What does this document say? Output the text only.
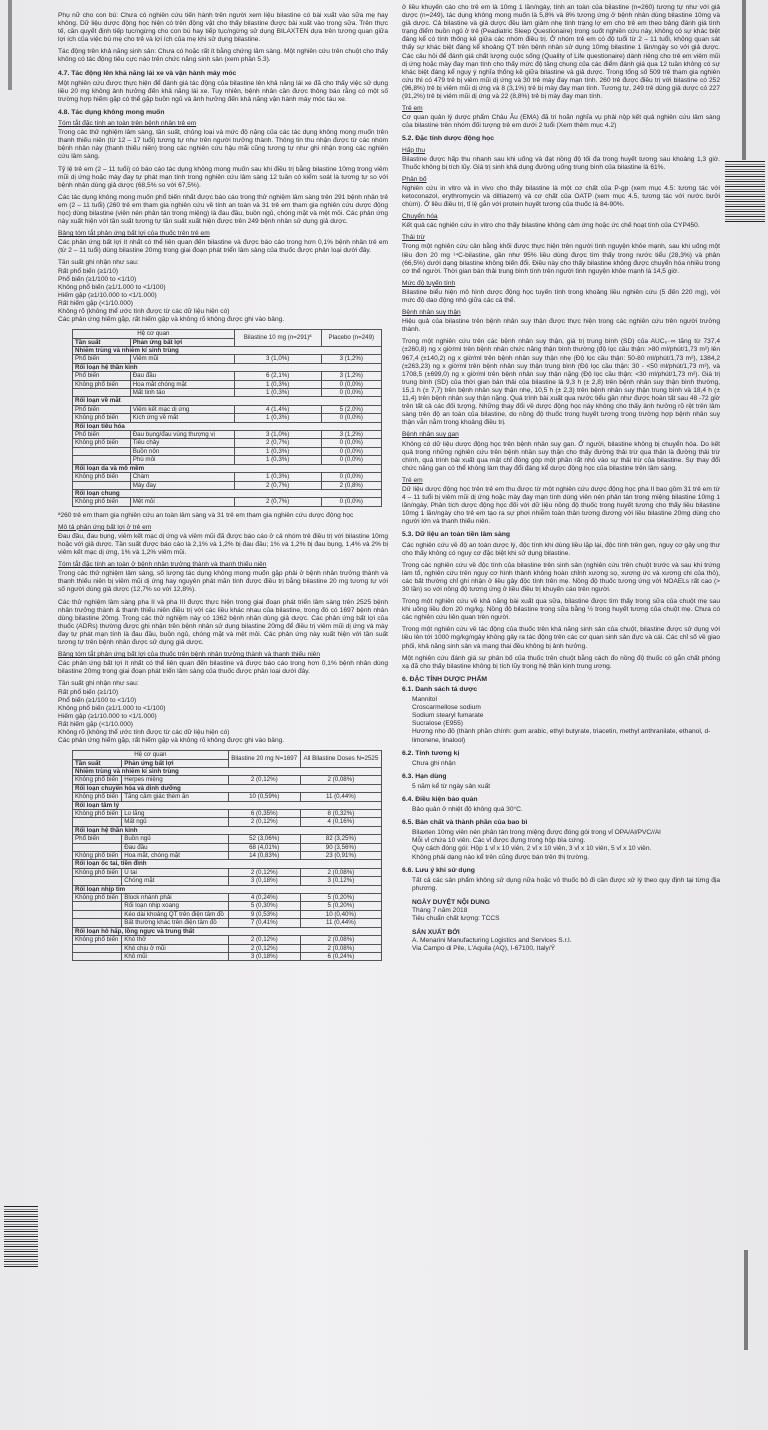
Phụ nữ cho con bú: Chưa có nghiên cứu tiến hành trên người xem liệu bilastine có bài xuất vào sữa mẹ hay không. Dữ liệu dược động học hiện có trên động vật cho thấy bilastine được bài xuất vào trong sữa. Trên thực tế, cần quyết định tiếp tục/ngừng cho con bú hay tiếp tục/ngừng sử dụng BILAXTEN dựa trên tương quan giữa lợi ích của việc bú mẹ cho trẻ và lợi ích của mẹ khi sử dụng bilastine.

Tác động trên khả năng sinh sản: Chưa có hoặc rất ít bằng chứng lâm sàng. Một nghiên cứu trên chuột cho thấy không có tác động tiêu cực nào trên chức năng sinh sản (xem phần 5.3).

4.7. Tác động lên khả năng lái xe và vận hành máy móc

Một nghiên cứu được thực hiện để đánh giá tác động của bilastine lên khả năng lái xe đã cho thấy việc sử dụng liều 20 mg không ảnh hưởng đến khả năng lái xe. Tuy nhiên, bệnh nhân cần được thông báo rằng có một số trường hợp hiếm gặp có thể gặp buồn ngủ và ảnh hưởng đến khả năng vận hành máy móc tàu xe.

4.8. Tác dụng không mong muốn
Tóm tắt đặc tính an toàn trên bệnh nhân trẻ em

Trong các thử nghiệm lâm sàng, tần suất, chủng loại và mức độ nặng của các tác dụng không mong muốn trên thanh thiếu niên (từ 12 – 17 tuổi) tương tự như trên người trưởng thành. Thông tin thu nhận được từ các nhóm bệnh nhân này (thanh thiếu niên) trong các nghiên cứu hậu mãi cũng tương tự như ghi nhận trong các nghiên cứu lâm sàng.

Tỷ lệ trẻ em (2 – 11 tuổi) có báo cáo tác dụng không mong muốn sau khi điều trị bằng bilastine 10mg trong viêm mũi dị ứng hoặc mày đay tự phát mạn tính trong nghiên cứu lâm sàng 12 tuần có kiểm soát là tương tự so với bệnh nhân dùng giả dược (68,5% so với 67,5%).

Các tác dụng không mong muốn phổ biến nhất được báo cáo trong thử nghiệm lâm sàng trên 291 bệnh nhân trẻ em (2 – 11 tuổi) (260 trẻ em tham gia nghiên cứu về tính an toàn và 31 trẻ em tham gia nghiên cứu dược động học) dùng bilastine (viên nén phân tán trong miệng) là đau đầu, buồn ngủ, chóng mặt và mệt mỏi. Các phản ứng này xuất hiện với tần suất tương tự tần suất xuất hiện được trên 249 bệnh nhân sử dụng giả dược.

Bảng tóm tắt phản ứng bất lợi của thuốc trên trẻ em

Các phản ứng bất lợi ít nhất có thể liên quan đến bilastine và được báo cáo trong hơn 0,1% bệnh nhân trẻ em (từ 2 – 11 tuổi) dùng bilastine 20mg trong giai đoạn phát triển lâm sàng của thuốc được phân loại dưới đây.

Tần suất ghi nhận như sau:
Rất phổ biến (≥1/10)
Phổ biến (≥1/100 to <1/10)
Không phổ biến (≥1/1.000 to <1/100)
Hiếm gặp (≥1/10.000 to <1/1.000)
Rất hiếm gặp (<1/10.000)
Không rõ (không thể ước tính được từ các dữ liệu hiện có)
Các phản ứng hiếm gặp, rất hiếm gặp và không rõ không được ghi vào bảng.
Hệ cơ quan		Bilastine 10 mg (n=291)ª	Placebo (n=249)
Tần suất	Phản ứng bất lợi		
Nhiễm trùng và nhiễm kí sinh trùng			
Phổ biến	Viêm mũi	3 (1,0%)	3 (1,2%)
Rối loạn hệ thần kinh			
Phổ biến	Đau đầu	6 (2,1%)	3 (1,2%)
Không phổ biến	Hoa mắt chóng mặt	1 (0,3%)	0 (0,0%)
	Mất tinh táo	1 (0,3%)	0 (0,0%)
Rối loạn về mắt			
Phổ biến	Viêm kết mạc dị ứng	4 (1,4%)	5 (2,0%)
Không phổ biến	Kích ứng về mắt	1 (0,3%)	0 (0,0%)
Rối loạn tiêu hóa			
Phổ biến	Đau bụng/đau vùng thượng vị	3 (1,0%)	3 (1,2%)
Không phổ biến	Tiêu chảy	2 (0,7%)	0 (0,0%)
	Buồn nôn	1 (0,3%)	0 (0,0%)
	Phù môi	1 (0,3%)	0 (0,0%)
Rối loạn da và mô mềm			
Không phổ biến	Chàm	1 (0,3%)	0 (0,0%)
	Mày đay	2 (0,7%)	2 (0,8%)
Rối loạn chung			
Không phổ biến	Mệt mỏi	2 (0,7%)	0 (0,0%)

ª260 trẻ em tham gia nghiên cứu an toàn lâm sàng và 31 trẻ em tham gia nghiên cứu dược động học

Mô tả phản ứng bất lợi ở trẻ em

Đau đầu, đau bụng, viêm kết mạc dị ứng và viêm mũi đã được báo cáo ở cả nhóm trẻ điều trị với bilastine 10mg hoặc với giả dược. Tần suất được báo cáo là 2,1% và 1,2% bị đau đầu; 1% và 1,2% bị đau bụng, 1,4% và 2% bị viêm kết mạc dị ứng, 1% và 1,2% viêm mũi.

Tóm tắt đặc tính an toàn ở bệnh nhân trưởng thành và thanh thiếu niên

Trong các thử nghiệm lâm sàng, số lượng tác dụng không mong muốn gặp phải ở bệnh nhân trưởng thành và thanh thiếu niên bị viêm mũi dị ứng hay nguyên phát mãn tính được điều trị bằng bilastine 20 mg tương tự với số người dùng giả dược (12,7% so với 12,8%).

Các thử nghiệm lâm sàng pha II và pha III được thực hiện trong giai đoạn phát triển lâm sàng trên 2525 bệnh nhân trưởng thành & thanh thiếu niên điều trị với các liều khác nhau của bilastine, trong đó có 1697 bệnh nhân dùng bilastine 20mg. Trong các thử nghiệm này có 1362 bệnh nhân dùng giả dược. Các phản ứng bất lợi của thuốc (ADRs) thường được ghi nhận trên bệnh nhân sử dụng bilastine 20mg để điều trị viêm mũi dị ứng và mày đay tự phát mạn tính là đau đầu, buồn ngủ, chóng mặt và mệt mỏi. Các phản ứng này xuất hiện với tần suất tương tự trên bệnh nhân được sử dụng giả dược.

Bảng tóm tắt phản ứng bất lợi của thuốc trên bệnh nhân trưởng thành và thanh thiếu niên

Các phản ứng bất lợi ít nhất có thể liên quan đến bilastine và được báo cáo trong hơn 0,1% bệnh nhân dùng bilastine 20mg trong giai đoạn phát triển lâm sàng của thuốc được phân loại dưới đây.

Tần suất ghi nhận như sau:
Rất phổ biến (≥1/10)
Phổ biến (≥1/100 to <1/10)
Không phổ biến (≥1/1.000 to <1/100)
Hiếm gặp (≥1/10.000 to <1/1.000)
Rất hiếm gặp (<1/10.000)
Không rõ (không thể ước tính được từ các dữ liệu hiện có)
Các phản ứng hiếm gặp, rất hiếm gặp và không rõ không được ghi vào bảng.
Hệ cơ quan		Bilastine 20 mg N=1697	All Bilastine Doses N=2525
Tần suất	Phản ứng bất lợi		
Nhiễm trùng và nhiễm kí sinh trùng			
Không phổ biến	Herpes miệng	2 (0,12%)	2 (0,08%)
Rối loạn chuyển hóa và dinh dưỡng			
Không phổ biến	Tăng cảm giác thèm ăn	10 (0,59%)	11 (0,44%)
Rối loạn tâm lý			
Không phổ biến	Lo lắng	6 (0,35%)	8 (0,32%)
	Mất ngủ	2 (0,12%)	4 (0,16%)
Rối loạn hệ thần kinh			
Phổ biến	Buồn ngủ	52 (3,06%)	82 (3,25%)
	Đau đầu	68 (4,01%)	90 (3,56%)
Không phổ biến	Hoa mắt, chóng mặt	14 (0,83%)	23 (0,91%)
Rối loạn ốc tai, tiền đình			
Không phổ biến	Ù tai	2 (0,12%)	2 (0,08%)
	Chóng mặt	3 (0,18%)	3 (0,12%)
Rối loạn nhịp tim			
Không phổ biến	Block nhánh phải	4 (0,24%)	5 (0,20%)
	Rối loạn nhịp xoang	5 (0,30%)	5 (0,20%)
	Kéo dài khoảng QT trên điện tâm đồ	9 (0,53%)	10 (0,40%)
	Bất thường khác trên điện tâm đồ	7 (0,41%)	11 (0,44%)
Rối loạn hô hấp, lồng ngực và trung thất			
Không phổ biến	Khó thở	2 (0,12%)	2 (0,08%)
	Khó chịu ở mũi	2 (0,12%)	2 (0,08%)
	Khô mũi	3 (0,18%)	6 (0,24%)

ở liều khuyến cáo cho trẻ em là 10mg 1 lần/ngày, tính an toàn của bilastine (n=260) tương tự như với giả dược (n=249), tác dụng không mong muốn là 5,8% và 8% tương ứng ở bệnh nhân dùng bilastine 10mg và giả dược. Cả bilastine và giả dược đều làm giảm nhẹ tình trạng lợ em cho trẻ em theo bảng đánh giá tình trạng điểm buồn ngủ ở trẻ (Peadiatric Sleep Questionaire) trong suốt nghiên cứu này, không có sự khác biệt đáng kể có tính thống kê giữa các nhóm điều trị. Ở nhóm trẻ em có độ tuổi từ 2 – 11 tuổi, không quan sát thấy sự khác biệt đáng kể khoảng QT trên bệnh nhân sử dụng 10mg bilastine 1 lần/ngày so với giả dược. Các câu hỏi để đánh giá chất lượng cuộc sống (Quality of Life questionaire) dành riêng cho trẻ em viêm mũi dị ứng hoặc mày đay mạn tính cho thấy mức độ tăng chung của các điểm đánh giá qua 12 tuần không có sự khác biệt đáng kể nguy ý nghĩa thống kê giữa bilastine và giả dược. Trong tổng số 509 trẻ tham gia nghiên cứu thì có 479 trẻ bị viêm mũi dị ứng và 30 trẻ mày đay mạn tính. 260 trẻ được điều trị với bilastine có 252 (96,8%) trẻ bị viêm mũi dị ứng và 8 (3,1%) trẻ bị mày đay mạn tính. Tương tự, 249 trẻ dùng giả dược có 227 (91,2%) trẻ bị viêm mũi dị ứng và 22 (8,8%) trẻ bị mày đay mạn tính.

Trẻ em

Cơ quan quản lý dược phẩm Châu Âu (EMA) đã tri hoãn nghĩa vụ phải nộp kết quả nghiên cứu lâm sàng của bilastine trên nhóm đối tượng trẻ em dưới 2 tuổi (Xem thêm mục 4.2)

5.2. Đặc tính dược động học
Hấp thu

Bilastine được hấp thu nhanh sau khi uống và đạt nồng độ tối đa trong huyết tương sau khoảng 1,3 giờ. Thuốc không bị tích lũy. Giá trị sinh khả dụng đường uống trung bình của bilastine là 61%.

Phân bố

Nghiên cứu in vitro và in vivo cho thấy bilastine là một cơ chất của P-gp (xem mục 4.5: tương tác với ketoconazol, erythromycin và diltiazem) và cơ chất của OATP (xem mục 4.5, tương tác với nước bưởi chùm). Ở liều điều trị, tỉ lệ gắn với protein huyết tương của thuốc là 84-90%.

Chuyển hóa

Kết quả các nghiên cứu in vitro cho thấy bilastine không cảm ứng hoặc ức chế hoạt tính của CYP450.

Thải trừ

Trong một nghiên cứu cân bằng khối được thực hiện trên người tình nguyện khỏe mạnh, sau khi uống một liều đơn 20 mg ¹⁴C-bilastine, gần như 95% liều dùng được tìm thấy trong nước tiểu (28,3%) và phân (66,5%) dưới dạng bilastine không biến đổi. Điều này cho thấy bilastine không được chuyển hóa nhiều trong cơ thể người. Thời gian bán thải trung bình tính trên người tình nguyện khỏe mạnh là 14,5 giờ.

Mức độ tuyến tính

Bilastine biểu hiện mô hình dược động học tuyến tính trong khoảng liều nghiên cứu (5 đến 220 mg), với mức độ dao động nhỏ giữa các cá thể.

Bệnh nhân suy thận

Hiệu quả của bilastine trên bệnh nhân suy thận được thực hiện trong các nghiên cứu trên người trưởng thành.

Trong một nghiên cứu trên các bệnh nhân suy thận, giá trị trung bình (SD) của AUC₀₋∞ tăng từ 737,4 (±260,8) ng x giờ/ml trên bệnh nhân chức năng thận bình thường (độ lọc cầu thận: >80 ml/phút/1,73 m²) lên 967,4 (±140,2) ng x giờ/ml trên bệnh nhân suy thận nhẹ (Độ lọc cầu thận: 50-80 ml/phút/1,73 m²), 1384,2 (±263,23) ng x giờ/ml trên bệnh nhân suy thận trung bình (Độ lọc cầu thận: 30 - <50 ml/phút/1,73 m²), và 1708,5 (±699,0) ng x giờ/ml trên bệnh nhân suy thận nặng (Độ lọc cầu thận: <30 ml/phút/1,73 m²). Giá trị trung bình (SD) của thời gian bán thải của bilastine là 9,3 h (± 2,8) trên bệnh nhân suy thận bình thường, 15,1 h (± 7,7) trên bệnh nhân suy thận nhẹ, 10,5 h (± 2,3) trên bệnh nhân suy thận trung bình và 18,4 h (± 11,4) trên bệnh nhân suy thận nặng. Quá trình bài xuất qua nước tiểu gần như được hoàn tất sau 48 -72 giờ trên tất cả các đối tượng. Những thay đổi về dược động học này không cho thấy ảnh hưởng rõ rệt trên lâm sàng trên độ an toàn của bilastine, do nồng độ thuốc trong huyết tương trong trường hợp bệnh nhân suy thận vẫn nằm trong khoảng điều trị.

Bệnh nhân suy gan

Không có dữ liệu dược động học trên bệnh nhân suy gan. Ở người, bilastine không bị chuyển hóa. Do kết quả trong những nghiên cứu trên bệnh nhân suy thận cho thấy đường thải trừ qua thận là đường thải trừ chính, quá trình bài xuất qua mật chỉ đóng góp một phần rất nhỏ vào sự thải trừ của bilastine. Sự thay đổi chức năng gan có thể không làm thay đổi đáng kể dược động học của bilastine trên lâm sàng.

Trẻ em

Dữ liệu dược động học trên trẻ em thu được từ một nghiên cứu dược động học pha II bao gồm 31 trẻ em từ 4 – 11 tuổi bị viêm mũi dị ứng hoặc mày đay mạn tính dùng viên nén phân tán trong miệng bilastine 10mg 1 lần/ngày. Phân tích dược động học đối với dữ liệu nồng độ thuốc trong huyết tương cho thấy liều bilastine 10mg 1 lần/ngày cho trẻ em tạo ra sự phơi nhiễm toàn thân tương đương với liều bilastine 20mg dùng cho người lớn và thanh thiếu niên.

5.3. Dữ liệu an toàn tiền lâm sàng

Các nghiên cứu về độ an toàn dược lý, độc tính khi dùng liều lặp lại, độc tính trên gen, nguy cơ gây ung thư cho thấy không có nguy cơ đặc biệt khi sử dụng bilastine.

Trong các nghiên cứu về độc tính của bilastine trên sinh sản (nghiên cứu trên chuột trước và sau khi trứng làm tổ, nghiên cứu trên nguy cơ hình thành không hoàn chỉnh xương sọ, xương ức và xương chi của thỏ), các bất thường chỉ ghi nhận ở liều gây độc tính trên mẹ. Nồng độ thuốc tương ứng với NOAELs rất cao (> 30 lần) so với nồng độ tương ứng ở liều điều trị khuyến cáo trên người.

Trong một nghiên cứu về khả năng bài xuất qua sữa, bilastine được tìm thấy trong sữa của chuột mẹ sau khi uống liều đơn 20 mg/kg. Nồng độ bilastine trong sữa bằng ½ trong huyết tương của chuột mẹ. Chưa có các nghiên cứu liên quan trên người.

Trong một nghiên cứu về tác động của thuốc trên khả năng sinh sản của chuột, bilastine được sử dụng với liều lên tới 1000 mg/kg/ngày không gây ra tác động trên các cơ quan sinh sản đực và cái. Các chỉ số về giao phối, khả năng sinh sản và mang thai đều không bị ảnh hưởng.

Một nghiên cứu đánh giá sự phân bố của thuốc trên chuột bằng cách đo nồng độ thuốc có gắn chất phóng xạ đã cho thấy bilastine không bị tích lũy trong hệ thần kinh trung ương.

6. ĐẶC TÍNH DƯỢC PHẨM
6.1. Danh sách tá dược
Mannitol
Croscarmellose sodium
Sodium stearyl fumarate
Sucralose (E955)
Hương nho đỏ (thành phần chính: gum arabic, ethyl butyrate, triacetin, methyl anthranilate, ethanol, d-limonene, linalool)
6.2. Tính tương kị

Chưa ghi nhận

6.3. Hạn dùng

5 năm kể từ ngày sản xuất

6.4. Điều kiện bảo quản

Bảo quản ở nhiệt độ không quá 30°C.

6.5. Bản chất và thành phần của bao bì
Bilaxten 10mg viên nén phân tán trong miệng được đóng gói trong vỉ OPA/Al/PVC//Al
Mỗi vỉ chứa 10 viên. Các vỉ được đựng trong hộp bìa cứng.
Quy cách đóng gói: Hộp 1 vỉ x 10 viên, 2 vỉ x 10 viên, 3 vỉ x 10 viên, 5 vỉ x 10 viên.
Không phải dạng nào kể trên cũng được bán trên thị trường.
6.6. Lưu ý khi sử dụng

Tất cả các sản phẩm không sử dụng nữa hoặc vỏ thuốc bỏ đi cần được xử lý theo quy định tại từng địa phương.

NGÀY DUYỆT NỘI DUNG
Tháng 7 năm 2018
Tiêu chuẩn chất lượng: TCCS
SẢN XUẤT BỞI
A. Menarini Manufacturing Logistics and Services S.r.l.
Via Campo di Pile, L'Aquila (AQ), I-67100, Italy/Ý
